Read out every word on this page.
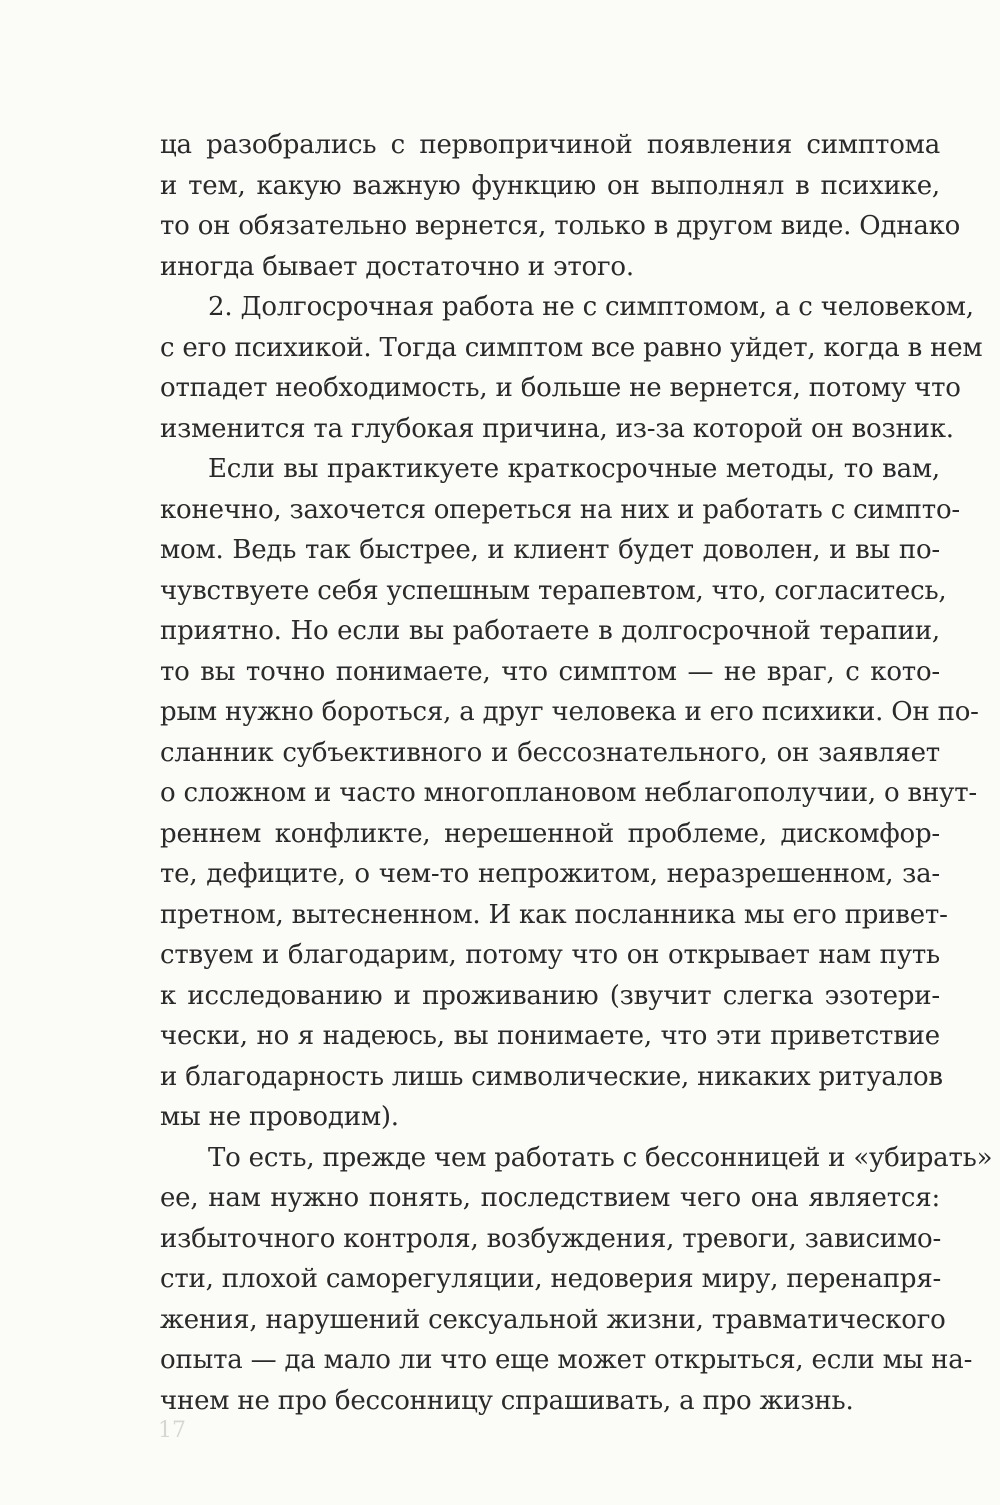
ца разобрались с первопричиной появления симптома
и тем, какую важную функцию он выполнял в психике,
то он обязательно вернется, только в другом виде. Однако
иногда бывает достаточно и этого.
2. Долгосрочная работа не с симптомом, а с человеком,
с его психикой. Тогда симптом все равно уйдет, когда в нем
отпадет необходимость, и больше не вернется, потому что
изменится та глубокая причина, из-за которой он возник.
Если вы практикуете краткосрочные методы, то вам,
конечно, захочется опереться на них и работать с симпто-
мом. Ведь так быстрее, и клиент будет доволен, и вы по-
чувствуете себя успешным терапевтом, что, согласитесь,
приятно. Но если вы работаете в долгосрочной терапии,
то вы точно понимаете, что симптом — не враг, с кото-
рым нужно бороться, а друг человека и его психики. Он по-
сланник субъективного и бессознательного, он заявляет
о сложном и часто многоплановом неблагополучии, о внут-
реннем конфликте, нерешенной проблеме, дискомфор-
те, дефиците, о чем-то непрожитом, неразрешенном, за-
претном, вытесненном. И как посланника мы его привет-
ствуем и благодарим, потому что он открывает нам путь
к исследованию и проживанию (звучит слегка эзотери-
чески, но я надеюсь, вы понимаете, что эти приветствие
и благодарность лишь символические, никаких ритуалов
мы не проводим).
То есть, прежде чем работать с бессонницей и «убирать»
ее, нам нужно понять, последствием чего она является:
избыточного контроля, возбуждения, тревоги, зависимо-
сти, плохой саморегуляции, недоверия миру, перенапря-
жения, нарушений сексуальной жизни, травматического
опыта — да мало ли что еще может открыться, если мы на-
чнем не про бессонницу спрашивать, а про жизнь.
17
